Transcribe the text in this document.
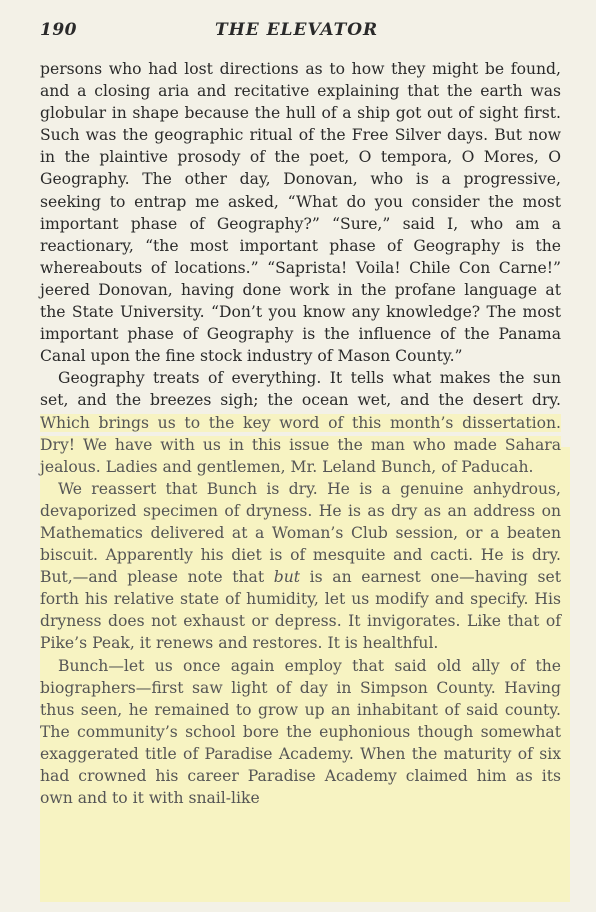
190	THE ELEVATOR

persons who had lost directions as to how they might be found, and a closing aria and recitative explaining that the earth was globular in shape because the hull of a ship got out of sight first. Such was the geographic ritual of the Free Silver days. But now in the plaintive prosody of the poet, O tempora, O Mores, O Geography. The other day, Donovan, who is a progressive, seeking to entrap me asked, “What do you consider the most important phase of Geography?” “Sure,” said I, who am a reactionary, “the most important phase of Geography is the whereabouts of locations.” “Saprista! Voila! Chile Con Carne!” jeered Donovan, having done work in the profane language at the State University. “Don’t you know any knowledge? The most important phase of Geography is the influence of the Panama Canal upon the fine stock industry of Mason County.”

Geography treats of everything. It tells what makes the sun set, and the breezes sigh; the ocean wet, and the desert dry. Which brings us to the key word of this month’s dissertation. Dry! We have with us in this issue the man who made Sahara jealous. Ladies and gentlemen, Mr. Leland Bunch, of Paducah.

We reassert that Bunch is dry. He is a genuine anhydrous, devaporized specimen of dryness. He is as dry as an address on Mathematics delivered at a Woman’s Club session, or a beaten biscuit. Apparently his diet is of mesquite and cacti. He is dry. But,—and please note that but is an earnest one—having set forth his relative state of humidity, let us modify and specify. His dryness does not exhaust or depress. It invigorates. Like that of Pike’s Peak, it renews and restores. It is healthful.

Bunch—let us once again employ that said old ally of the biographers—first saw light of day in Simpson County. Having thus seen, he remained to grow up an inhabitant of said county. The community’s school bore the euphonious though somewhat exaggerated title of Paradise Academy. When the maturity of six had crowned his career Paradise Academy claimed him as its own and to it with snail-like
